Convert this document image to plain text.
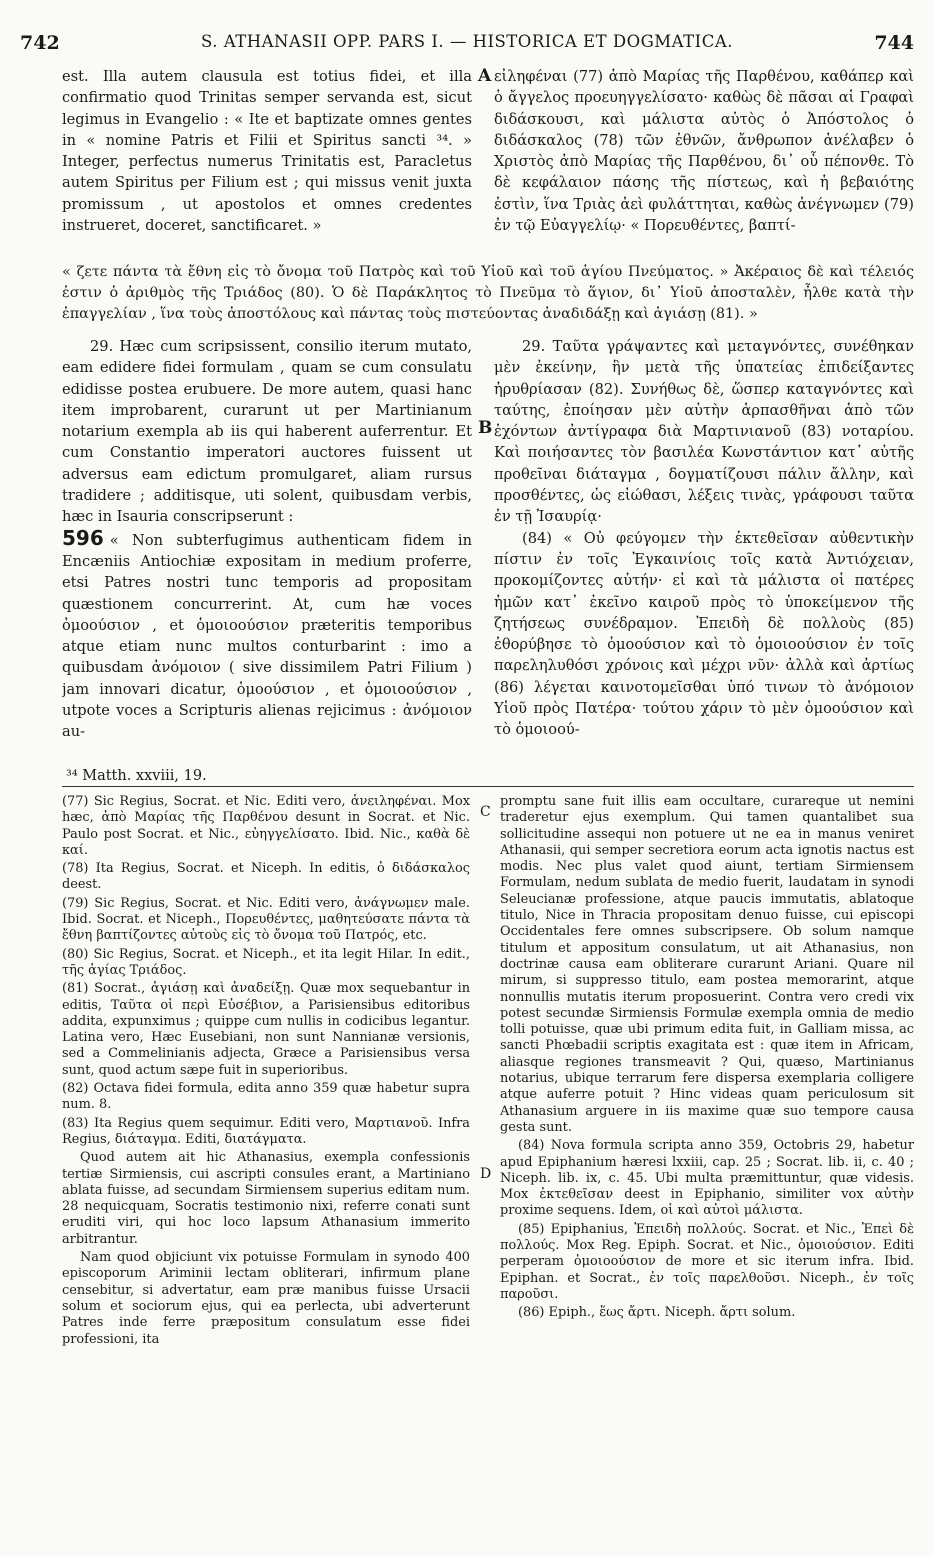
742	S. ATHANASII OPP. PARS I. — HISTORICA ET DOGMATICA.	744

est. Illa autem clausula est totius fidei, et illa confirmatio quod Trinitas semper servanda est, sicut legimus in Evangelio : « Ite et baptizate omnes gentes in « nomine Patris et Filii et Spiritus sancti ³⁴. » Integer, perfectus numerus Trinitatis est, Paracletus autem Spiritus per Filium est ; qui missus venit juxta promissum , ut apostolos et omnes credentes instrueret, doceret, sanctificaret. »

A εἰληφέναι (77) ἀπὸ Μαρίας τῆς Παρθένου, καθάπερ καὶ ὁ ἄγγελος προευηγγελίσατο· καθὼς δὲ πᾶσαι αἱ Γραφαὶ διδάσκουσι, καὶ μάλιστα αὐτὸς ὁ Ἀπόστολος ὁ διδάσκαλος (78) τῶν ἐθνῶν, ἄνθρωπον ἀνέλαβεν ὁ Χριστὸς ἀπὸ Μαρίας τῆς Παρθένου, δι᾽ οὗ πέπονθε. Τὸ δὲ κεφάλαιον πάσης τῆς πίστεως, καὶ ἡ βεβαιότης ἐστὶν, ἵνα Τριὰς ἀεὶ φυλάττηται, καθὼς ἀνέγνωμεν (79) ἐν τῷ Εὐαγγελίῳ· « Πορευθέντες, βαπτί-

« ζετε πάντα τὰ ἔθνη εἰς τὸ ὄνομα τοῦ Πατρὸς καὶ τοῦ Υἱοῦ καὶ τοῦ ἁγίου Πνεύματος. » Ἀκέραιος δὲ καὶ τέλειός ἐστιν ὁ ἀριθμὸς τῆς Τριάδος (80). Ὁ δὲ Παράκλητος τὸ Πνεῦμα τὸ ἅγιον, δι᾽ Υἱοῦ ἀποσταλὲν, ἦλθε κατὰ τὴν ἐπαγγελίαν , ἵνα τοὺς ἀποστόλους καὶ πάντας τοὺς πιστεύοντας ἀναδιδάξῃ καὶ ἁγιάσῃ (81). »

29. Hæc cum scripsissent, consilio iterum mutato, eam edidere fidei formulam , quam se cum consulatu edidisse postea erubuere. De more autem, quasi hanc item improbarent, curarunt ut per Martinianum notarium exempla ab iis qui haberent auferrentur. Et cum Constantio imperatori auctores fuissent ut adversus eam edictum promulgaret, aliam rursus tradidere ; additisque, uti solent, quibusdam verbis, hæc in Isauria conscripserunt :

596 « Non subterfugimus authenticam fidem in Encæniis Antiochiæ expositam in medium proferre, etsi Patres nostri tunc temporis ad propositam quæstionem concurrerint. At, cum hæ voces ὁμοούσιον , et ὁμοιοούσιον præteritis temporibus atque etiam nunc multos conturbarint : imo a quibusdam ἀνόμοιον ( sive dissimilem Patri Filium ) jam innovari dicatur, ὁμοούσιον , et ὁμοιοούσιον , utpote voces a Scripturis alienas rejicimus : ἀνόμοιον au-

B

29. Ταῦτα γράψαντες καὶ μεταγνόντες, συνέθηκαν μὲν ἐκείνην, ἣν μετὰ τῆς ὑπατείας ἐπιδείξαντες ἠρυθρίασαν (82). Συνήθως δὲ, ὥσπερ καταγνόντες καὶ ταύτης, ἐποίησαν μὲν αὐτὴν ἁρπασθῆναι ἀπὸ τῶν ἐχόντων ἀντίγραφα διὰ Μαρτινιανοῦ (83) νοταρίου. Καὶ ποιήσαντες τὸν βασιλέα Κωνστάντιον κατ᾽ αὐτῆς προθεῖναι διάταγμα , δογματίζουσι πάλιν ἄλλην, καὶ προσθέντες, ὡς εἰώθασι, λέξεις τινὰς, γράφουσι ταῦτα ἐν τῇ Ἰσαυρίᾳ·

(84) « Οὐ φεύγομεν τὴν ἐκτεθεῖσαν αὐθεντικὴν πίστιν ἐν τοῖς Ἐγκαινίοις τοῖς κατὰ Ἀντιόχειαν, προκομίζοντες αὐτήν· εἰ καὶ τὰ μάλιστα οἱ πατέρες ἡμῶν κατ᾽ ἐκεῖνο καιροῦ πρὸς τὸ ὑποκείμενον τῆς ζητήσεως συνέδραμον. Ἐπειδὴ δὲ πολλοὺς (85) ἐθορύβησε τὸ ὁμοούσιον καὶ τὸ ὁμοιοούσιον ἐν τοῖς παρεληλυθόσι χρόνοις καὶ μέχρι νῦν· ἀλλὰ καὶ ἀρτίως (86) λέγεται καινοτομεῖσθαι ὑπό τινων τὸ ἀνόμοιον Υἱοῦ πρὸς Πατέρα· τούτου χάριν τὸ μὲν ὁμοούσιον καὶ τὸ ὁμοιοού-

³⁴ Matth. xxviii, 19.

(77) Sic Regius, Socrat. et Nic. Editi vero, ἀνειληφέναι. Mox hæc, ἀπὸ Μαρίας τῆς Παρθένου desunt in Socrat. et Nic. Paulo post Socrat. et Nic., εὐηγγελίσατο. Ibid. Nic., καθὰ δὲ καί.

(78) Ita Regius, Socrat. et Niceph. In editis, ὁ διδάσκαλος deest.

(79) Sic Regius, Socrat. et Nic. Editi vero, ἀνάγνωμεν male. Ibid. Socrat. et Niceph., Πορευθέντες, μαθητεύσατε πάντα τὰ ἔθνη βαπτίζοντες αὐτοὺς εἰς τὸ ὄνομα τοῦ Πατρός, etc.

(80) Sic Regius, Socrat. et Niceph., et ita legit Hilar. In edit., τῆς ἁγίας Τριάδος.

(81) Socrat., ἁγιάσῃ καὶ ἀναδείξῃ. Quæ mox sequebantur in editis, Ταῦτα οἱ περὶ Εὐσέβιον, a Parisiensibus editoribus addita, expunximus ; quippe cum nullis in codicibus legantur. Latina vero, Hæc Eusebiani, non sunt Nannianæ versionis, sed a Commelinianis adjecta, Græce a Parisiensibus versa sunt, quod actum sæpe fuit in superioribus.

(82) Octava fidei formula, edita anno 359 quæ habetur supra num. 8.

(83) Ita Regius quem sequimur. Editi vero, Μαρτιανοῦ. Infra Regius, διάταγμα. Editi, διατάγματα.

Quod autem ait hic Athanasius, exempla confessionis tertiæ Sirmiensis, cui ascripti consules erant, a Martiniano ablata fuisse, ad secundam Sirmiensem superius editam num. 28 nequicquam, Socratis testimonio nixi, referre conati sunt eruditi viri, qui hoc loco lapsum Athanasium immerito arbitrantur.

Nam quod objiciunt vix potuisse Formulam in synodo 400 episcoporum Ariminii lectam obliterari, infirmum plane censebitur, si advertatur, eam præ manibus fuisse Ursacii solum et sociorum ejus, qui ea perlecta, ubi adverterunt Patres inde ferre præpositum consulatum esse fidei professioni, ita

C
D

promptu sane fuit illis eam occultare, curareque ut nemini traderetur ejus exemplum. Qui tamen quantalibet sua sollicitudine assequi non potuere ut ne ea in manus veniret Athanasii, qui semper secretiora eorum acta ignotis nactus est modis. Nec plus valet quod aiunt, tertiam Sirmiensem Formulam, nedum sublata de medio fuerit, laudatam in synodi Seleucianæ professione, atque paucis immutatis, ablatoque titulo, Nice in Thracia propositam denuo fuisse, cui episcopi Occidentales fere omnes subscripsere. Ob solum namque titulum et appositum consulatum, ut ait Athanasius, non doctrinæ causa eam obliterare curarunt Ariani. Quare nil mirum, si suppresso titulo, eam postea memorarint, atque nonnullis mutatis iterum proposuerint. Contra vero credi vix potest secundæ Sirmiensis Formulæ exempla omnia de medio tolli potuisse, quæ ubi primum edita fuit, in Galliam missa, ac sancti Phœbadii scriptis exagitata est : quæ item in Africam, aliasque regiones transmeavit ? Qui, quæso, Martinianus notarius, ubique terrarum fere dispersa exemplaria colligere atque auferre potuit ? Hinc videas quam periculosum sit Athanasium arguere in iis maxime quæ suo tempore causa gesta sunt.

(84) Nova formula scripta anno 359, Octobris 29, habetur apud Epiphanium hæresi lxxiii, cap. 25 ; Socrat. lib. ii, c. 40 ; Niceph. lib. ix, c. 45. Ubi multa præmittuntur, quæ videsis. Mox ἐκτεθεῖσαν deest in Epiphanio, similiter vox αὐτὴν proxime sequens. Idem, οἱ καὶ αὐτοὶ μάλιστα.

(85) Epiphanius, Ἐπειδὴ πολλούς. Socrat. et Nic., Ἐπεὶ δὲ πολλούς. Mox Reg. Epiph. Socrat. et Nic., ὁμοιούσιον. Editi perperam ὁμοιοούσιον de more et sic iterum infra. Ibid. Epiphan. et Socrat., ἐν τοῖς παρελθοῦσι. Niceph., ἐν τοῖς παροῦσι.

(86) Epiph., ἕως ἄρτι. Niceph. ἄρτι solum.
